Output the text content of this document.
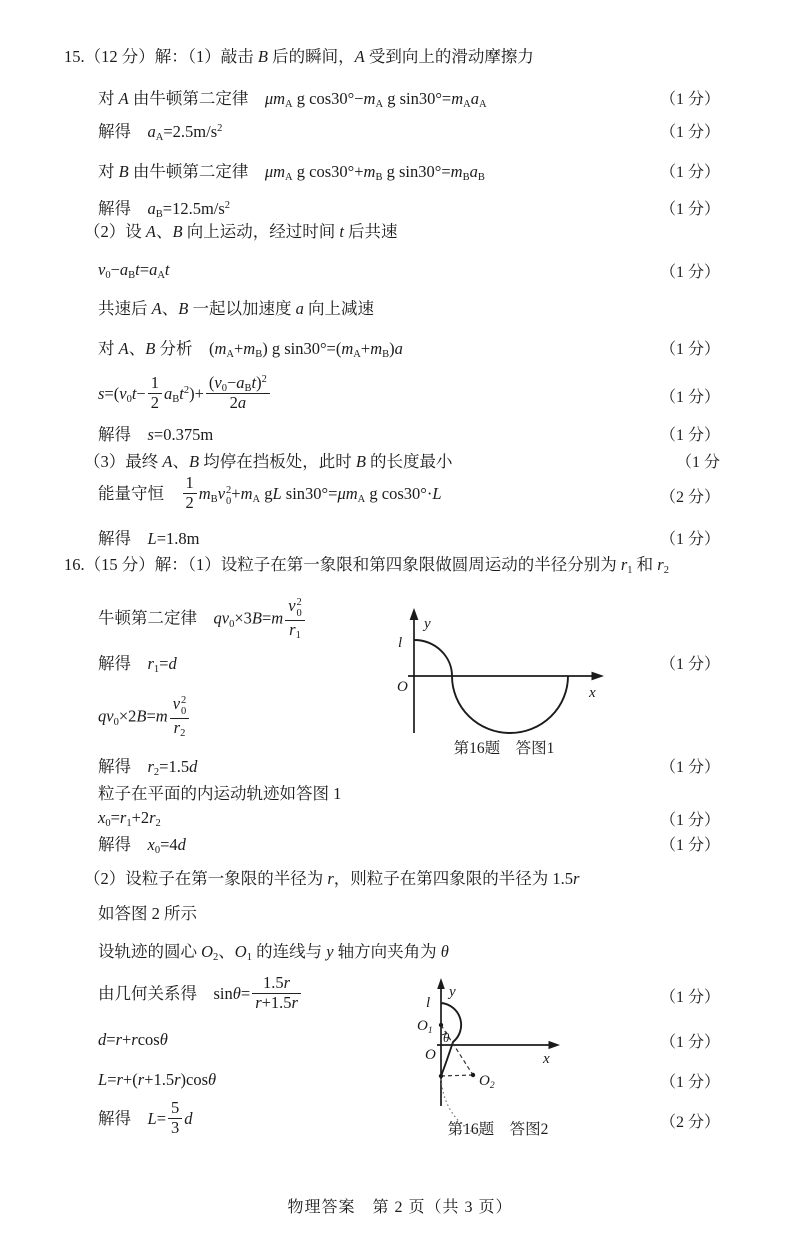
15.（12 分）解：（1）敲击 B 后的瞬间，A 受到向上的滑动摩擦力
对 A 由牛顿第二定律　μmA g cos30°−mA g sin30°=mAaA	（1 分）
解得　$aA=2.5m/s^2$	（1 分）
对 B 由牛顿第二定律　μmA g cos30°+mB g sin30°=mBaB	（1 分）
解得　$aB=12.5m/s^2$	（1 分）
（2）设 A、B 向上运动，经过时间 t 后共速
v0−aBt=aAt	（1 分）
共速后 A、B 一起以加速度 a 向上减速
对 A、B 分析　(mA+mB) g sin30°=(mA+mB)a	（1 分）
$s=(v0t- \frac{1}{2} aBt^2)+ \frac{(v0-aBt)^2}{2a}$	（1 分）
解得　s=0.375m	（1 分）
（3）最终 A、B 均停在挡板处，此时 B 的长度最小	（1 分
能量守恒　 $\frac{1}{2}$ mBv 2
0 +mA gL sin30°=μmA g cos30°·L	（2 分）
解得　L=1.8m	（1 分）
16.（15 分）解：（1）设粒子在第一象限和第四象限做圆周运动的半径分别为 r1 和 r2
牛顿第二定律　qv0×3B=m v 2
0
r1
解得　r1=d	（1 分）
qv0×2B=m v 2
0
r2
解得　r2=1.5d	（1 分）
粒子在平面的内运动轨迹如答图 1
x0=r1+2r2	（1 分）
解得　x0=4d	（1 分）
（2）设粒子在第一象限的半径为 r，则粒子在第四象限的半径为 1.5r
如答图 2 所示
设轨迹的圆心 O2、O1 的连线与 y 轴方向夹角为 θ
由几何关系得　$\sin\theta= \frac{1.5r}{r+1.5r}$	（1 分）
d=r+rcosθ	（1 分）
L=r+(r+1.5r)cosθ	（1 分）
解得　$L= \frac{5}{3}$ d	（2 分）
y
l
O	x
第16题　答图1
y
l
$O_1$ θ
O	x
$O_2$
第16题　答图2
物理答案　第 2 页（共 3 页）
